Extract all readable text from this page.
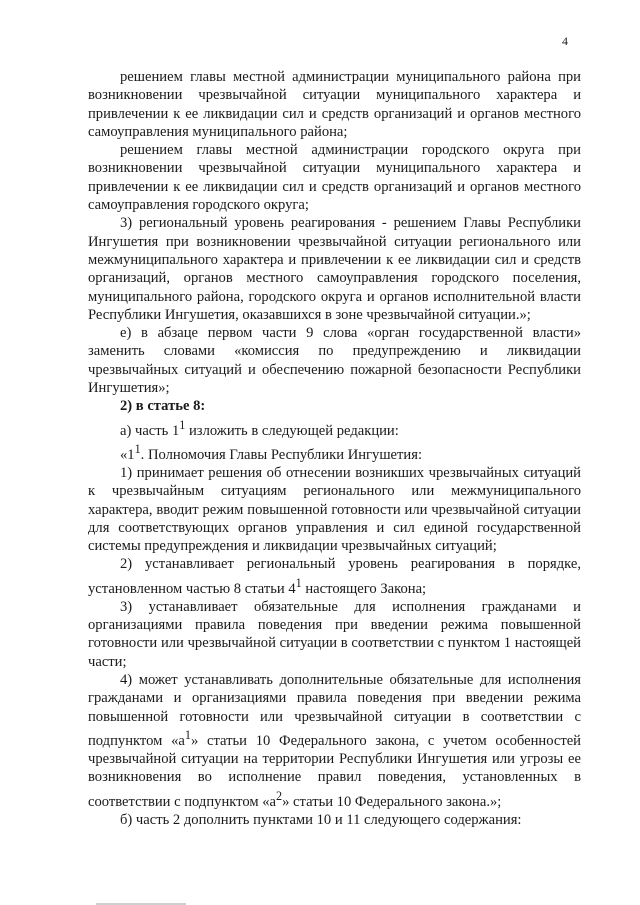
4

решением главы местной администрации муниципального района при возникновении чрезвычайной ситуации муниципального характера и привлечении к ее ликвидации сил и средств организаций и органов местного самоуправления муниципального района;

решением главы местной администрации городского округа при возникновении чрезвычайной ситуации муниципального характера и привлечении к ее ликвидации сил и средств организаций и органов местного самоуправления городского округа;

3) региональный уровень реагирования - решением Главы Республики Ингушетия при возникновении чрезвычайной ситуации регионального или межмуниципального характера и привлечении к ее ликвидации сил и средств организаций, органов местного самоуправления городского поселения, муниципального района, городского округа и органов исполнительной власти Республики Ингушетия, оказавшихся в зоне чрезвычайной ситуации.»;

е) в абзаце первом части 9 слова «орган государственной власти» заменить словами «комиссия по предупреждению и ликвидации чрезвычайных ситуаций и обеспечению пожарной безопасности Республики Ингушетия»;

2) в статье 8:

а) часть $1^1$ изложить в следующей редакции:

«$1^1$. Полномочия Главы Республики Ингушетия:

1) принимает решения об отнесении возникших чрезвычайных ситуаций к чрезвычайным ситуациям регионального или межмуниципального характера, вводит режим повышенной готовности или чрезвычайной ситуации для соответствующих органов управления и сил единой государственной системы предупреждения и ликвидации чрезвычайных ситуаций;

2) устанавливает региональный уровень реагирования в порядке, установленном частью 8 статьи $4^1$ настоящего Закона;

3) устанавливает обязательные для исполнения гражданами и организациями правила поведения при введении режима повышенной готовности или чрезвычайной ситуации в соответствии с пунктом 1 настоящей части;

4) может устанавливать дополнительные обязательные для исполнения гражданами и организациями правила поведения при введении режима повышенной готовности или чрезвычайной ситуации в соответствии с подпунктом «$а^1$» статьи 10 Федерального закона, с учетом особенностей чрезвычайной ситуации на территории Республики Ингушетия или угрозы ее возникновения во исполнение правил поведения, установленных в соответствии с подпунктом «$а^2$» статьи 10 Федерального закона.»;

б) часть 2 дополнить пунктами 10 и 11 следующего содержания:
